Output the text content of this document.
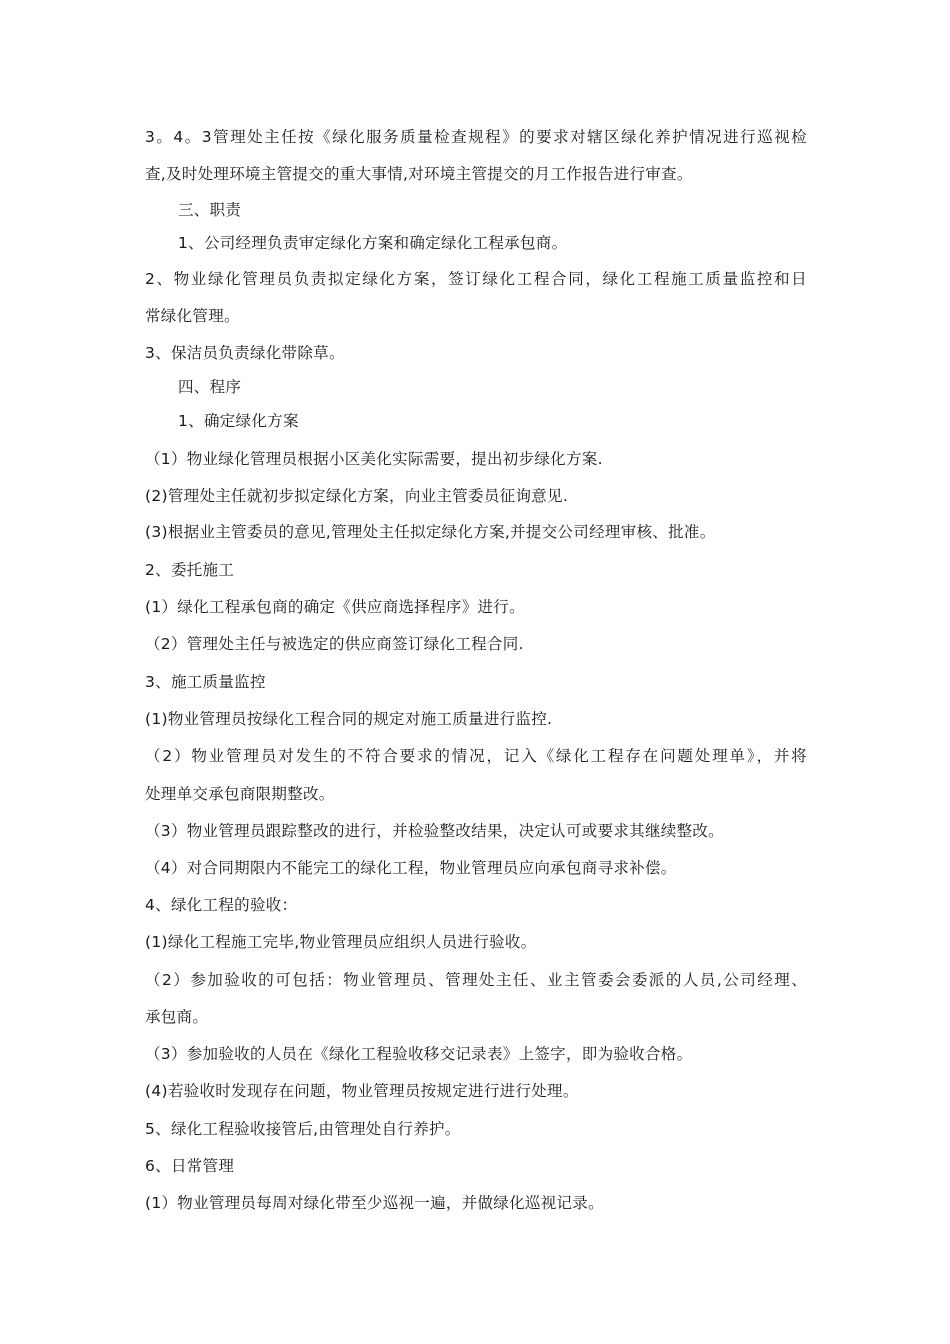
3。4。3管理处主任按《绿化服务质量检查规程》的要求对辖区绿化养护情况进行巡视检
查,及时处理环境主管提交的重大事情,对环境主管提交的月工作报告进行审查。
三、职责
1、公司经理负责审定绿化方案和确定绿化工程承包商。
2、物业绿化管理员负责拟定绿化方案，签订绿化工程合同，绿化工程施工质量监控和日
常绿化管理。
3、保洁员负责绿化带除草。
四、程序
1、确定绿化方案
（1）物业绿化管理员根据小区美化实际需要，提出初步绿化方案.
(2)管理处主任就初步拟定绿化方案，向业主管委员征询意见.
(3)根据业主管委员的意见,管理处主任拟定绿化方案,并提交公司经理审核、批准。
2、委托施工
(1）绿化工程承包商的确定《供应商选择程序》进行。
（2）管理处主任与被选定的供应商签订绿化工程合同.
3、施工质量监控
(1)物业管理员按绿化工程合同的规定对施工质量进行监控.
（2）物业管理员对发生的不符合要求的情况，记入《绿化工程存在问题处理单》，并将
处理单交承包商限期整改。
（3）物业管理员跟踪整改的进行，并检验整改结果，决定认可或要求其继续整改。
（4）对合同期限内不能完工的绿化工程，物业管理员应向承包商寻求补偿。
4、绿化工程的验收：
(1)绿化工程施工完毕,物业管理员应组织人员进行验收。
（2）参加验收的可包括：物业管理员、管理处主任、业主管委会委派的人员,公司经理、
承包商。
（3）参加验收的人员在《绿化工程验收移交记录表》上签字，即为验收合格。
(4)若验收时发现存在问题，物业管理员按规定进行进行处理。
5、绿化工程验收接管后,由管理处自行养护。
6、日常管理
(1）物业管理员每周对绿化带至少巡视一遍，并做绿化巡视记录。
